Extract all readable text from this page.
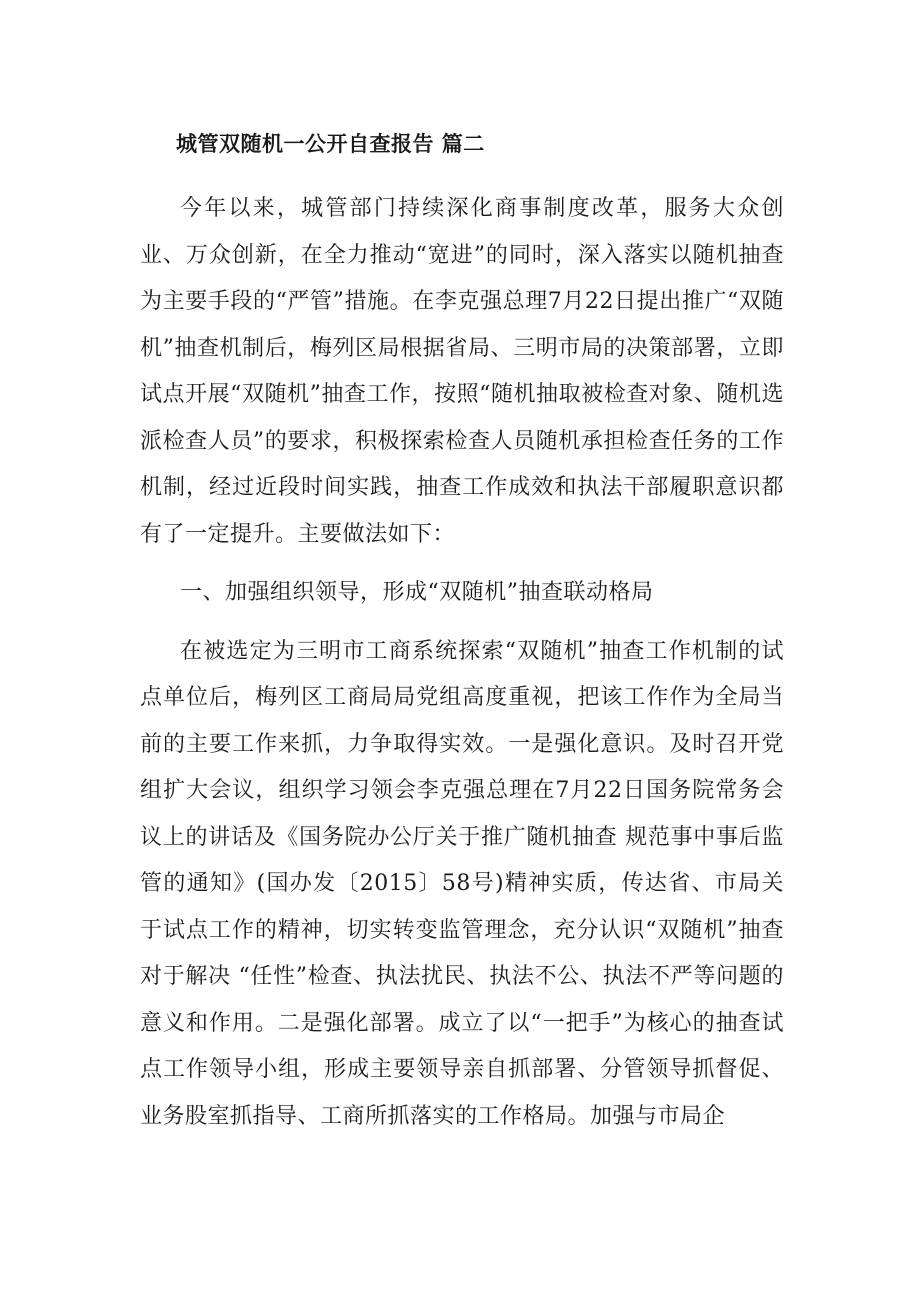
城管双随机一公开自查报告 篇二

今年以来，城管部门持续深化商事制度改革，服务大众创业、万众创新，在全力推动“宽进”的同时，深入落实以随机抽查为主要手段的“严管”措施。在李克强总理7月22日提出推广“双随机”抽查机制后，梅列区局根据省局、三明市局的决策部署，立即试点开展“双随机”抽查工作，按照“随机抽取被检查对象、随机选派检查人员”的要求，积极探索检查人员随机承担检查任务的工作机制，经过近段时间实践，抽查工作成效和执法干部履职意识都有了一定提升。主要做法如下：

一、加强组织领导，形成“双随机”抽查联动格局

在被选定为三明市工商系统探索“双随机”抽查工作机制的试点单位后，梅列区工商局局党组高度重视，把该工作作为全局当前的主要工作来抓，力争取得实效。一是强化意识。及时召开党组扩大会议，组织学习领会李克强总理在7月22日国务院常务会议上的讲话及《国务院办公厅关于推广随机抽查 规范事中事后监管的通知》(国办发〔2015〕58号)精神实质，传达省、市局关于试点工作的精神，切实转变监管理念，充分认识“双随机”抽查对于解决 “任性”检查、执法扰民、执法不公、执法不严等问题的意义和作用。二是强化部署。成立了以“一把手”为核心的抽查试点工作领导小组，形成主要领导亲自抓部署、分管领导抓督促、业务股室抓指导、工商所抓落实的工作格局。加强与市局企
